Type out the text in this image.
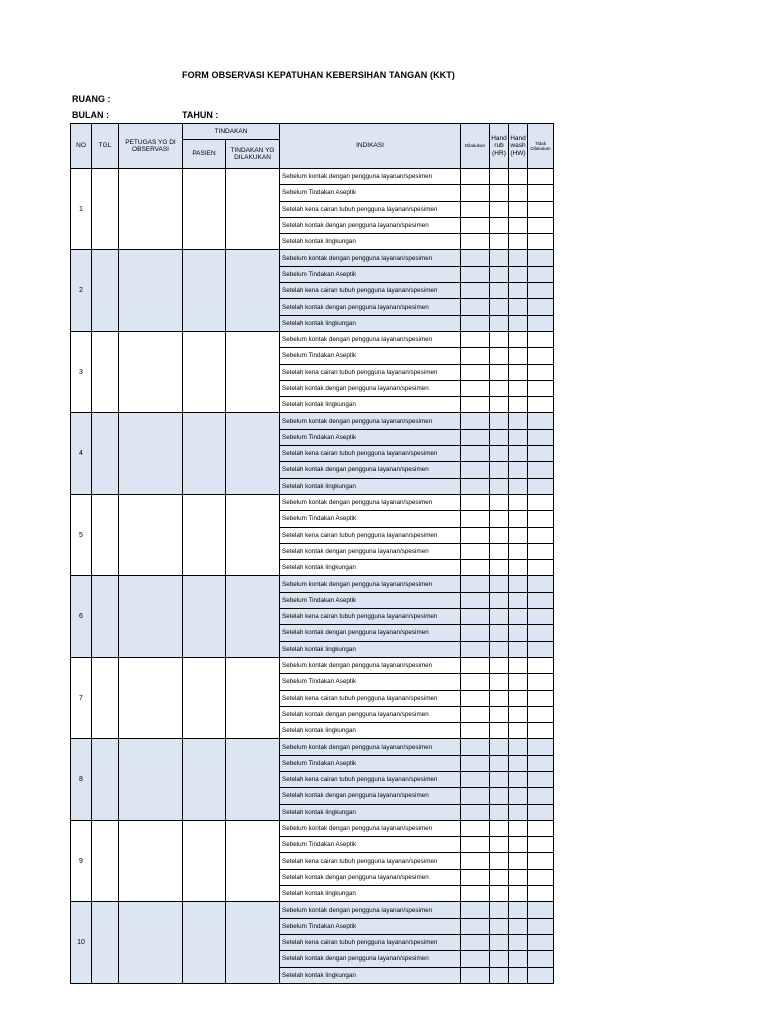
FORM OBSERVASI KEPATUHAN KEBERSIHAN TANGAN (KKT)
RUANG :
BULAN :	TAHUN :
NO	TGL	PETUGAS YG DI OBSERVASI	TINDAKAN		INDIKASI	Dilakukan	Hand rub (HR)	Hand wash (HW)	Tidak Dilakukan
			PASIEN	TINDAKAN YG DILAKUKAN					
1					Sebelum kontak dengan pengguna layanan/spesimen				
					Sebelum Tindakan Aseptik				
					Setelah kena cairan tubuh pengguna layanan/spesimen				
					Setelah kontak dengan pengguna layanan/spesimen				
					Setelah kontak lingkungan				
2					Sebelum kontak dengan pengguna layanan/spesimen				
					Sebelum Tindakan Aseptik				
					Setelah kena cairan tubuh pengguna layanan/spesimen				
					Setelah kontak dengan pengguna layanan/spesimen				
					Setelah kontak lingkungan				
3					Sebelum kontak dengan pengguna layanan/spesimen				
					Sebelum Tindakan Aseptik				
					Setelah kena cairan tubuh pengguna layanan/spesimen				
					Setelah kontak dengan pengguna layanan/spesimen				
					Setelah kontak lingkungan				
4					Sebelum kontak dengan pengguna layanan/spesimen				
					Sebelum Tindakan Aseptik				
					Setelah kena cairan tubuh pengguna layanan/spesimen				
					Setelah kontak dengan pengguna layanan/spesimen				
					Setelah kontak lingkungan				
5					Sebelum kontak dengan pengguna layanan/spesimen				
					Sebelum Tindakan Aseptik				
					Setelah kena cairan tubuh pengguna layanan/spesimen				
					Setelah kontak dengan pengguna layanan/spesimen				
					Setelah kontak lingkungan				
6					Sebelum kontak dengan pengguna layanan/spesimen				
					Sebelum Tindakan Aseptik				
					Setelah kena cairan tubuh pengguna layanan/spesimen				
					Setelah kontak dengan pengguna layanan/spesimen				
					Setelah kontak lingkungan				
7					Sebelum kontak dengan pengguna layanan/spesimen				
					Sebelum Tindakan Aseptik				
					Setelah kena cairan tubuh pengguna layanan/spesimen				
					Setelah kontak dengan pengguna layanan/spesimen				
					Setelah kontak lingkungan				
8					Sebelum kontak dengan pengguna layanan/spesimen				
					Sebelum Tindakan Aseptik				
					Setelah kena cairan tubuh pengguna layanan/spesimen				
					Setelah kontak dengan pengguna layanan/spesimen				
					Setelah kontak lingkungan				
9					Sebelum kontak dengan pengguna layanan/spesimen				
					Sebelum Tindakan Aseptik				
					Setelah kena cairan tubuh pengguna layanan/spesimen				
					Setelah kontak dengan pengguna layanan/spesimen				
					Setelah kontak lingkungan				
10					Sebelum kontak dengan pengguna layanan/spesimen				
					Sebelum Tindakan Aseptik				
					Setelah kena cairan tubuh pengguna layanan/spesimen				
					Setelah kontak dengan pengguna layanan/spesimen				
					Setelah kontak lingkungan				
